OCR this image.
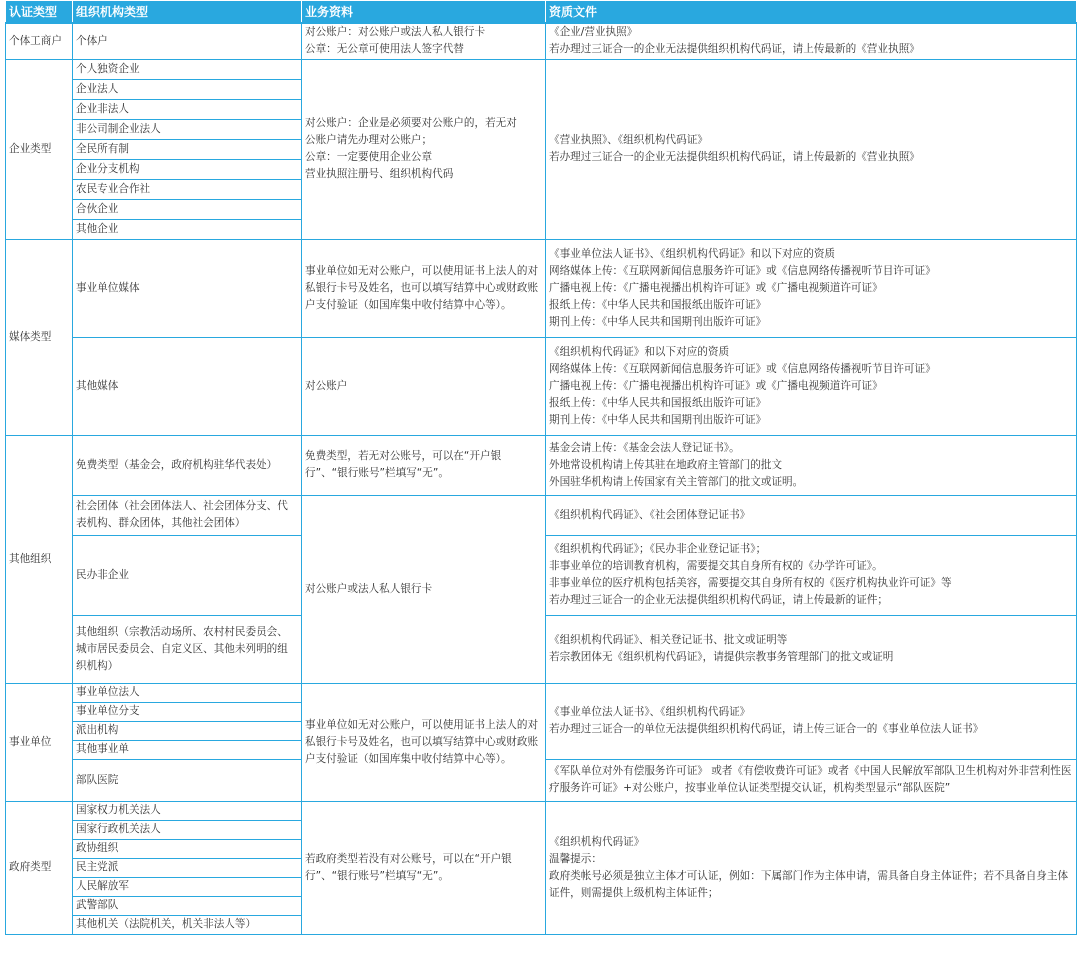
认证类型	组织机构类型	业务资料	资质文件
个体工商户	个体户	对公账户：对公账户或法人私人银行卡
公章：无公章可使用法人签字代替	《企业/营业执照》
若办理过三证合一的企业无法提供组织机构代码证，请上传最新的《营业执照》

企业类型	个人独资企业	对公账户：企业是必须要对公账户的，若无对
公账户请先办理对公账户；
公章：一定要使用企业公章
营业执照注册号、组织机构代码	《营业执照》、《组织机构代码证》
若办理过三证合一的企业无法提供组织机构代码证，请上传最新的《营业执照》

	企业法人		
	企业非法人		
	非公司制企业法人		
	全民所有制		
	企业分支机构		
	农民专业合作社		
	合伙企业		
	其他企业		
媒体类型	事业单位媒体	事业单位如无对公账户，可以使用证书上法人的对私银行卡号及姓名，也可以填写结算中心或财政账户支付验证（如国库集中收付结算中心等）。	《事业单位法人证书》、《组织机构代码证》和以下对应的资质
网络媒体上传：《互联网新闻信息服务许可证》或《信息网络传播视听节目许可证》
广播电视上传：《广播电视播出机构许可证》或《广播电视频道许可证》
报纸上传：《中华人民共和国报纸出版许可证》
期刊上传：《中华人民共和国期刊出版许可证》

	其他媒体	对公账户	《组织机构代码证》和以下对应的资质
网络媒体上传：《互联网新闻信息服务许可证》或《信息网络传播视听节目许可证》
广播电视上传：《广播电视播出机构许可证》或《广播电视频道许可证》
报纸上传：《中华人民共和国报纸出版许可证》
期刊上传：《中华人民共和国期刊出版许可证》

其他组织	免费类型（基金会，政府机构驻华代表处）	免费类型，若无对公账号，可以在“开户银行”、“银行账号”栏填写“无”。	基金会请上传：《基金会法人登记证书》。
外地常设机构请上传其驻在地政府主管部门的批文
外国驻华机构请上传国家有关主管部门的批文或证明。

	社会团体（社会团体法人、社会团体分支、代表机构、群众团体，其他社会团体）	对公账户或法人私人银行卡	《组织机构代码证》、《社会团体登记证书》

	民办非企业		《组织机构代码证》；《民办非企业登记证书》；
非事业单位的培训教育机构，需要提交其自身所有权的《办学许可证》。
非事业单位的医疗机构包括美容，需要提交其自身所有权的《医疗机构执业许可证》等
若办理过三证合一的企业无法提供组织机构代码证，请上传最新的证件；

	其他组织（宗教活动场所、农村村民委员会、城市居民委员会、自定义区、其他未列明的组织机构）		《组织机构代码证》、相关登记证书、批文或证明等
若宗教团体无《组织机构代码证》，请提供宗教事务管理部门的批文或证明

事业单位	事业单位法人	事业单位如无对公账户，可以使用证书上法人的对私银行卡号及姓名，也可以填写结算中心或财政账户支付验证（如国库集中收付结算中心等）。	《事业单位法人证书》、《组织机构代码证》
若办理过三证合一的单位无法提供组织机构代码证，请上传三证合一的《事业单位法人证书》

	事业单位分支		
	派出机构		
	其他事业单		
	部队医院		《军队单位对外有偿服务许可证》 或者《有偿收费许可证》或者《中国人民解放军部队卫生机构对外非营利性医疗服务许可证》+对公账户，按事业单位认证类型提交认证，机构类型显示“部队医院”

政府类型	国家权力机关法人	若政府类型若没有对公账号，可以在“开户银行”、“银行账号”栏填写“无”。	《组织机构代码证》
温馨提示：
政府类帐号必须是独立主体才可认证，例如：下属部门作为主体申请，需具备自身主体证件；若不具备自身主体证件，则需提供上级机构主体证件；

	国家行政机关法人		
	政协组织		
	民主党派		
	人民解放军		
	武警部队		
	其他机关（法院机关，机关非法人等）		
